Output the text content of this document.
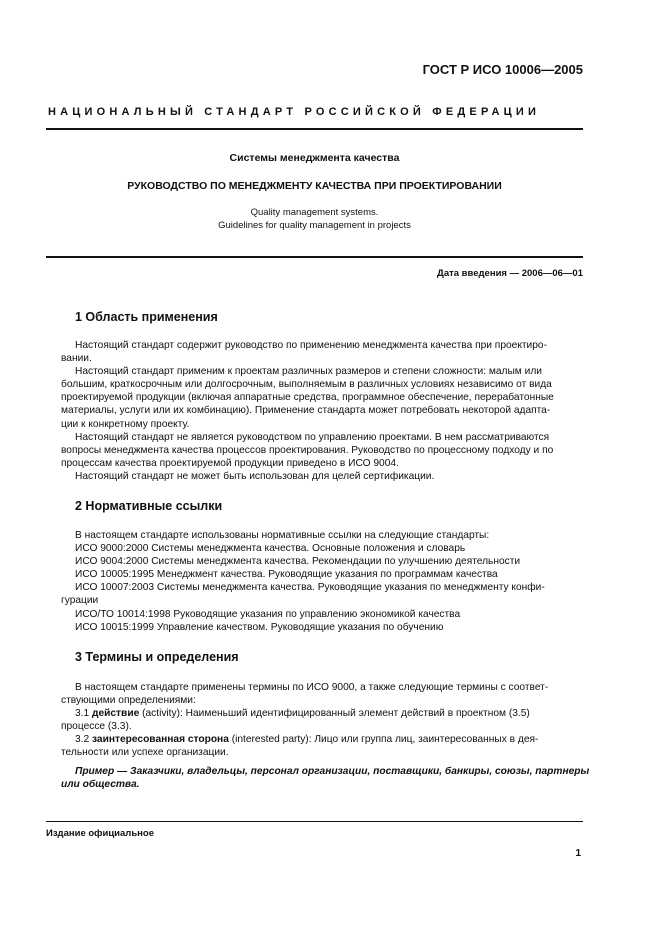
ГОСТ Р ИСО 10006—2005
НАЦИОНАЛЬНЫЙ СТАНДАРТ РОССИЙСКОЙ ФЕДЕРАЦИИ
Системы менеджмента качества
РУКОВОДСТВО ПО МЕНЕДЖМЕНТУ КАЧЕСТВА ПРИ ПРОЕКТИРОВАНИИ
Quality management systems.
Guidelines for quality management in projects
Дата введения — 2006—06—01
1 Область применения
Настоящий стандарт содержит руководство по применению менеджмента качества при проектиро-
вании.
Настоящий стандарт применим к проектам различных размеров и степени сложности: малым или
большим, краткосрочным или долгосрочным, выполняемым в различных условиях независимо от вида
проектируемой продукции (включая аппаратные средства, программное обеспечение, перерабатонные
материалы, услуги или их комбинацию). Применение стандарта может потребовать некоторой адапта-
ции к конкретному проекту.
Настоящий стандарт не является руководством по управлению проектами. В нем рассматриваются
вопросы менеджмента качества процессов проектирования. Руководство по процессному подходу и по
процессам качества проектируемой продукции приведено в ИСО 9004.
Настоящий стандарт не может быть использован для целей сертификации.
2 Нормативные ссылки
В настоящем стандарте использованы нормативные ссылки на следующие стандарты:
ИСО 9000:2000 Системы менеджмента качества. Основные положения и словарь
ИСО 9004:2000 Системы менеджмента качества. Рекомендации по улучшению деятельности
ИСО 10005:1995 Менеджмент качества. Руководящие указания по программам качества
ИСО 10007:2003 Системы менеджмента качества. Руководящие указания по менеджменту конфи-
гурации
ИСО/ТО 10014:1998 Руководящие указания по управлению экономикой качества
ИСО 10015:1999 Управление качеством. Руководящие указания по обучению
3 Термины и определения
В настоящем стандарте применены термины по ИСО 9000, а также следующие термины с соответ-
ствующими определениями:
3.1 действие (activity): Наименьший идентифицированный элемент действий в проектном (3.5)
процессе (3.3).
3.2 заинтересованная сторона (interested party): Лицо или группа лиц, заинтересованных в дея-
тельности или успехе организации.
Пример — Заказчики, владельцы, персонал организации, поставщики, банкиры, союзы, партнеры
или общества.
Издание официальное
1
